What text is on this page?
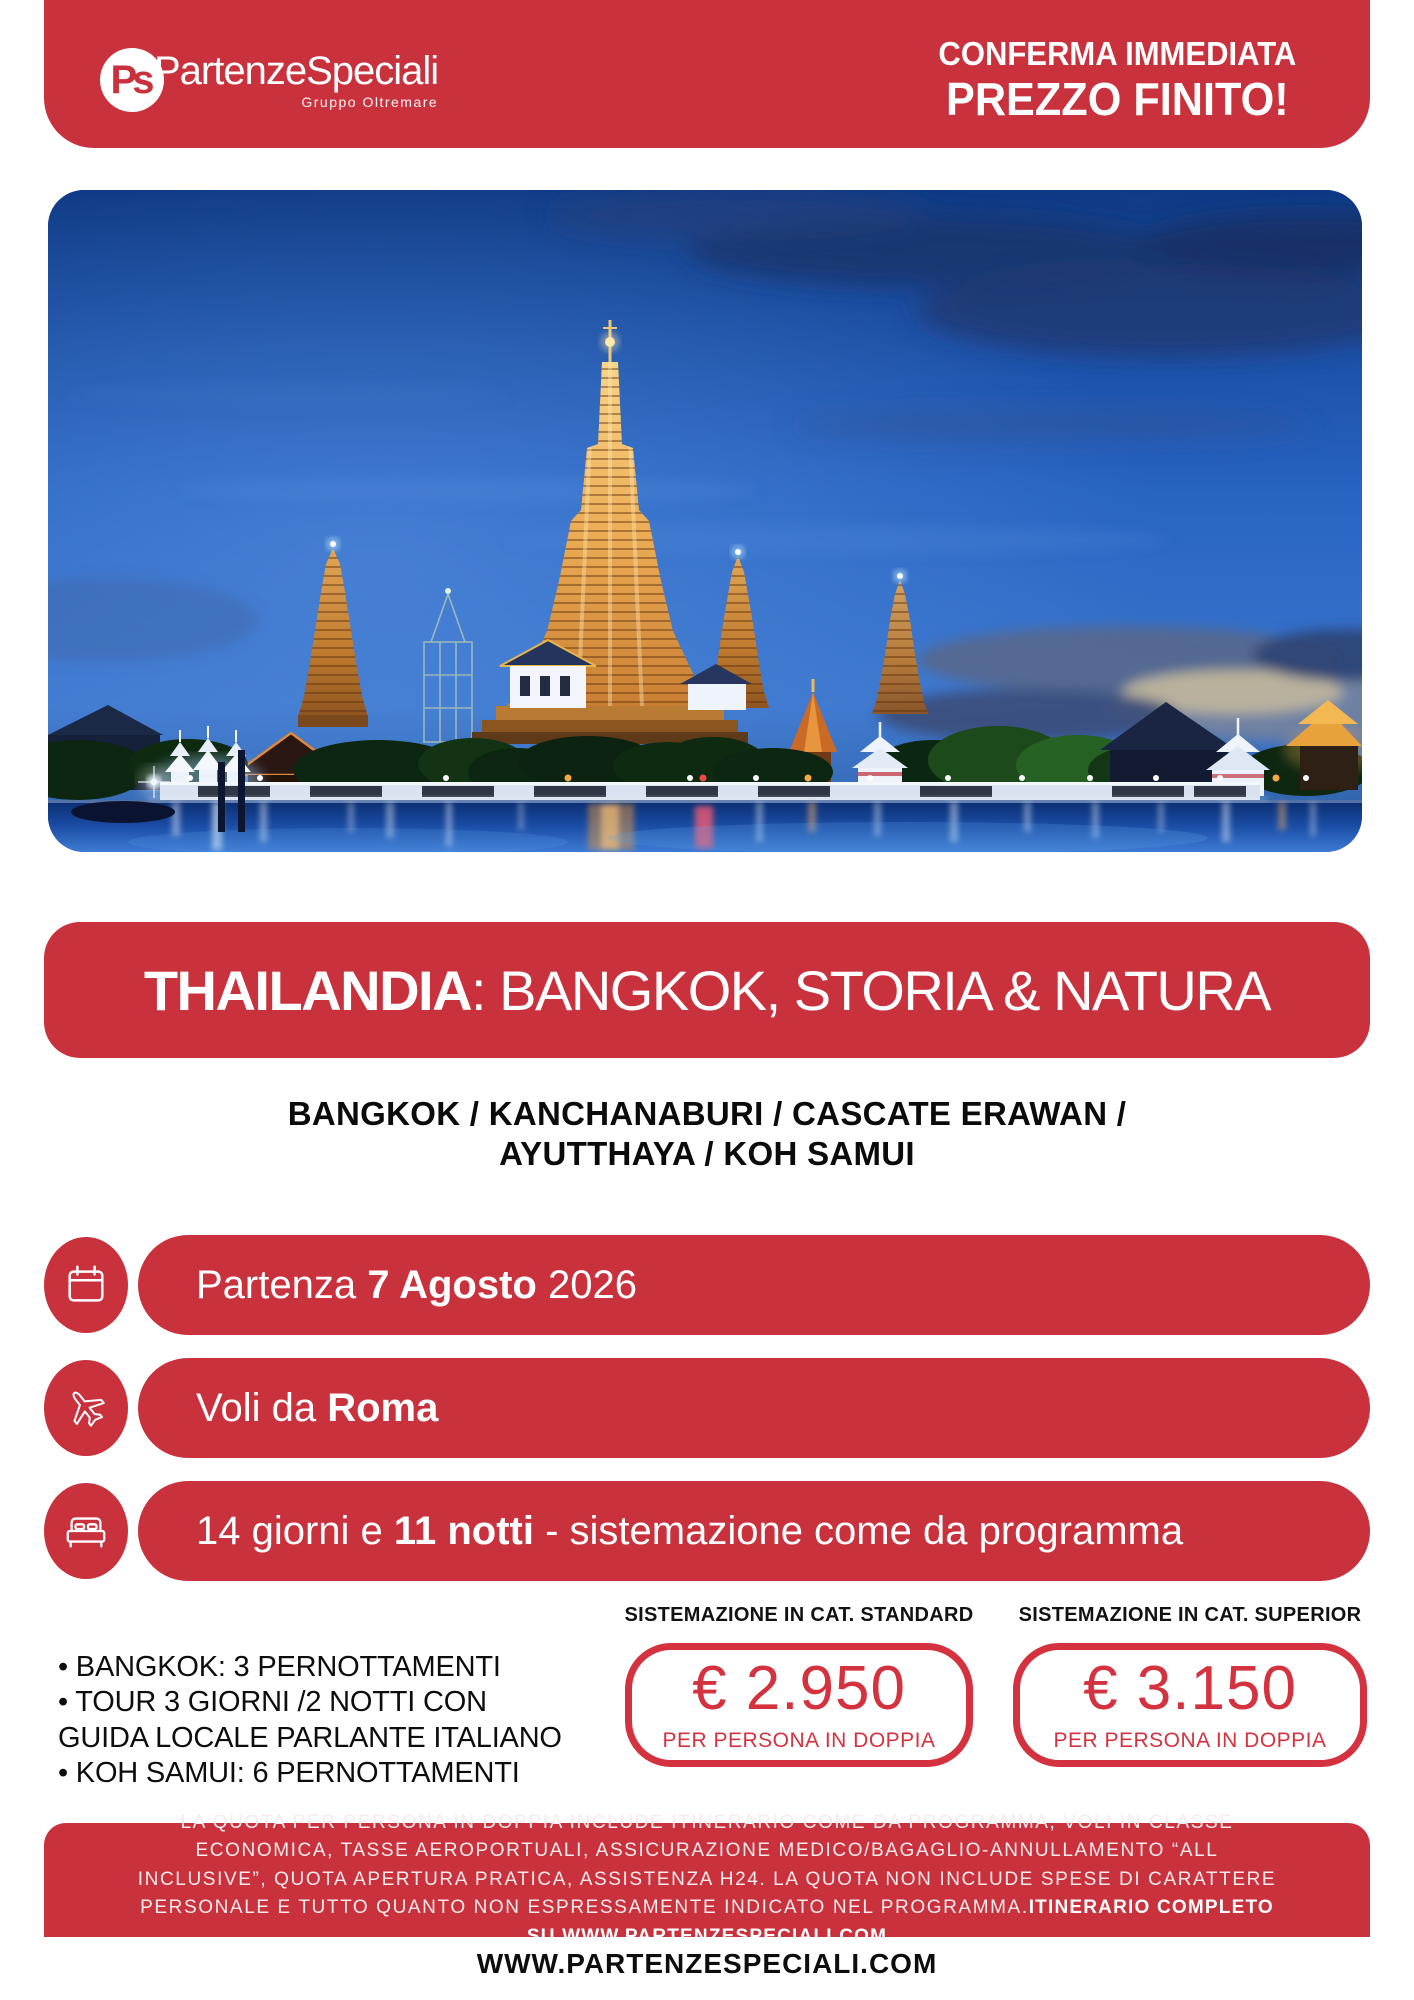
Ps PartenzeSpeciali
Gruppo Oltremare
CONFERMA IMMEDIATA
PREZZO FINITO!
THAILANDIA : BANGKOK, STORIA & NATURA
BANGKOK / KANCHANABURI / CASCATE ERAWAN /
AYUTTHAYA / KOH SAMUI
Partenza 7 Agosto 2026
Voli da Roma
14 giorni e 11 notti - sistemazione come da programma
• BANGKOK: 3 PERNOTTAMENTI
• TOUR 3 GIORNI /2 NOTTI CON
GUIDA LOCALE PARLANTE ITALIANO
• KOH SAMUI: 6 PERNOTTAMENTI
SISTEMAZIONE IN CAT. STANDARD
€ 2.950
PER PERSONA IN DOPPIA
SISTEMAZIONE IN CAT. SUPERIOR
€ 3.150
PER PERSONA IN DOPPIA

LA QUOTA PER PERSONA IN DOPPIA INCLUDE ITINERARIO COME DA PROGRAMMA, VOLI IN CLASSE ECONOMICA, TASSE AEROPORTUALI, ASSICURAZIONE MEDICO/BAGAGLIO-ANNULLAMENTO “ALL INCLUSIVE”, QUOTA APERTURA PRATICA, ASSISTENZA H24. LA QUOTA NON INCLUDE SPESE DI CARATTERE PERSONALE E TUTTO QUANTO NON ESPRESSAMENTE INDICATO NEL PROGRAMMA.ITINERARIO COMPLETO SU WWW.PARTENZESPECIALI.COM

WWW.PARTENZESPECIALI.COM
